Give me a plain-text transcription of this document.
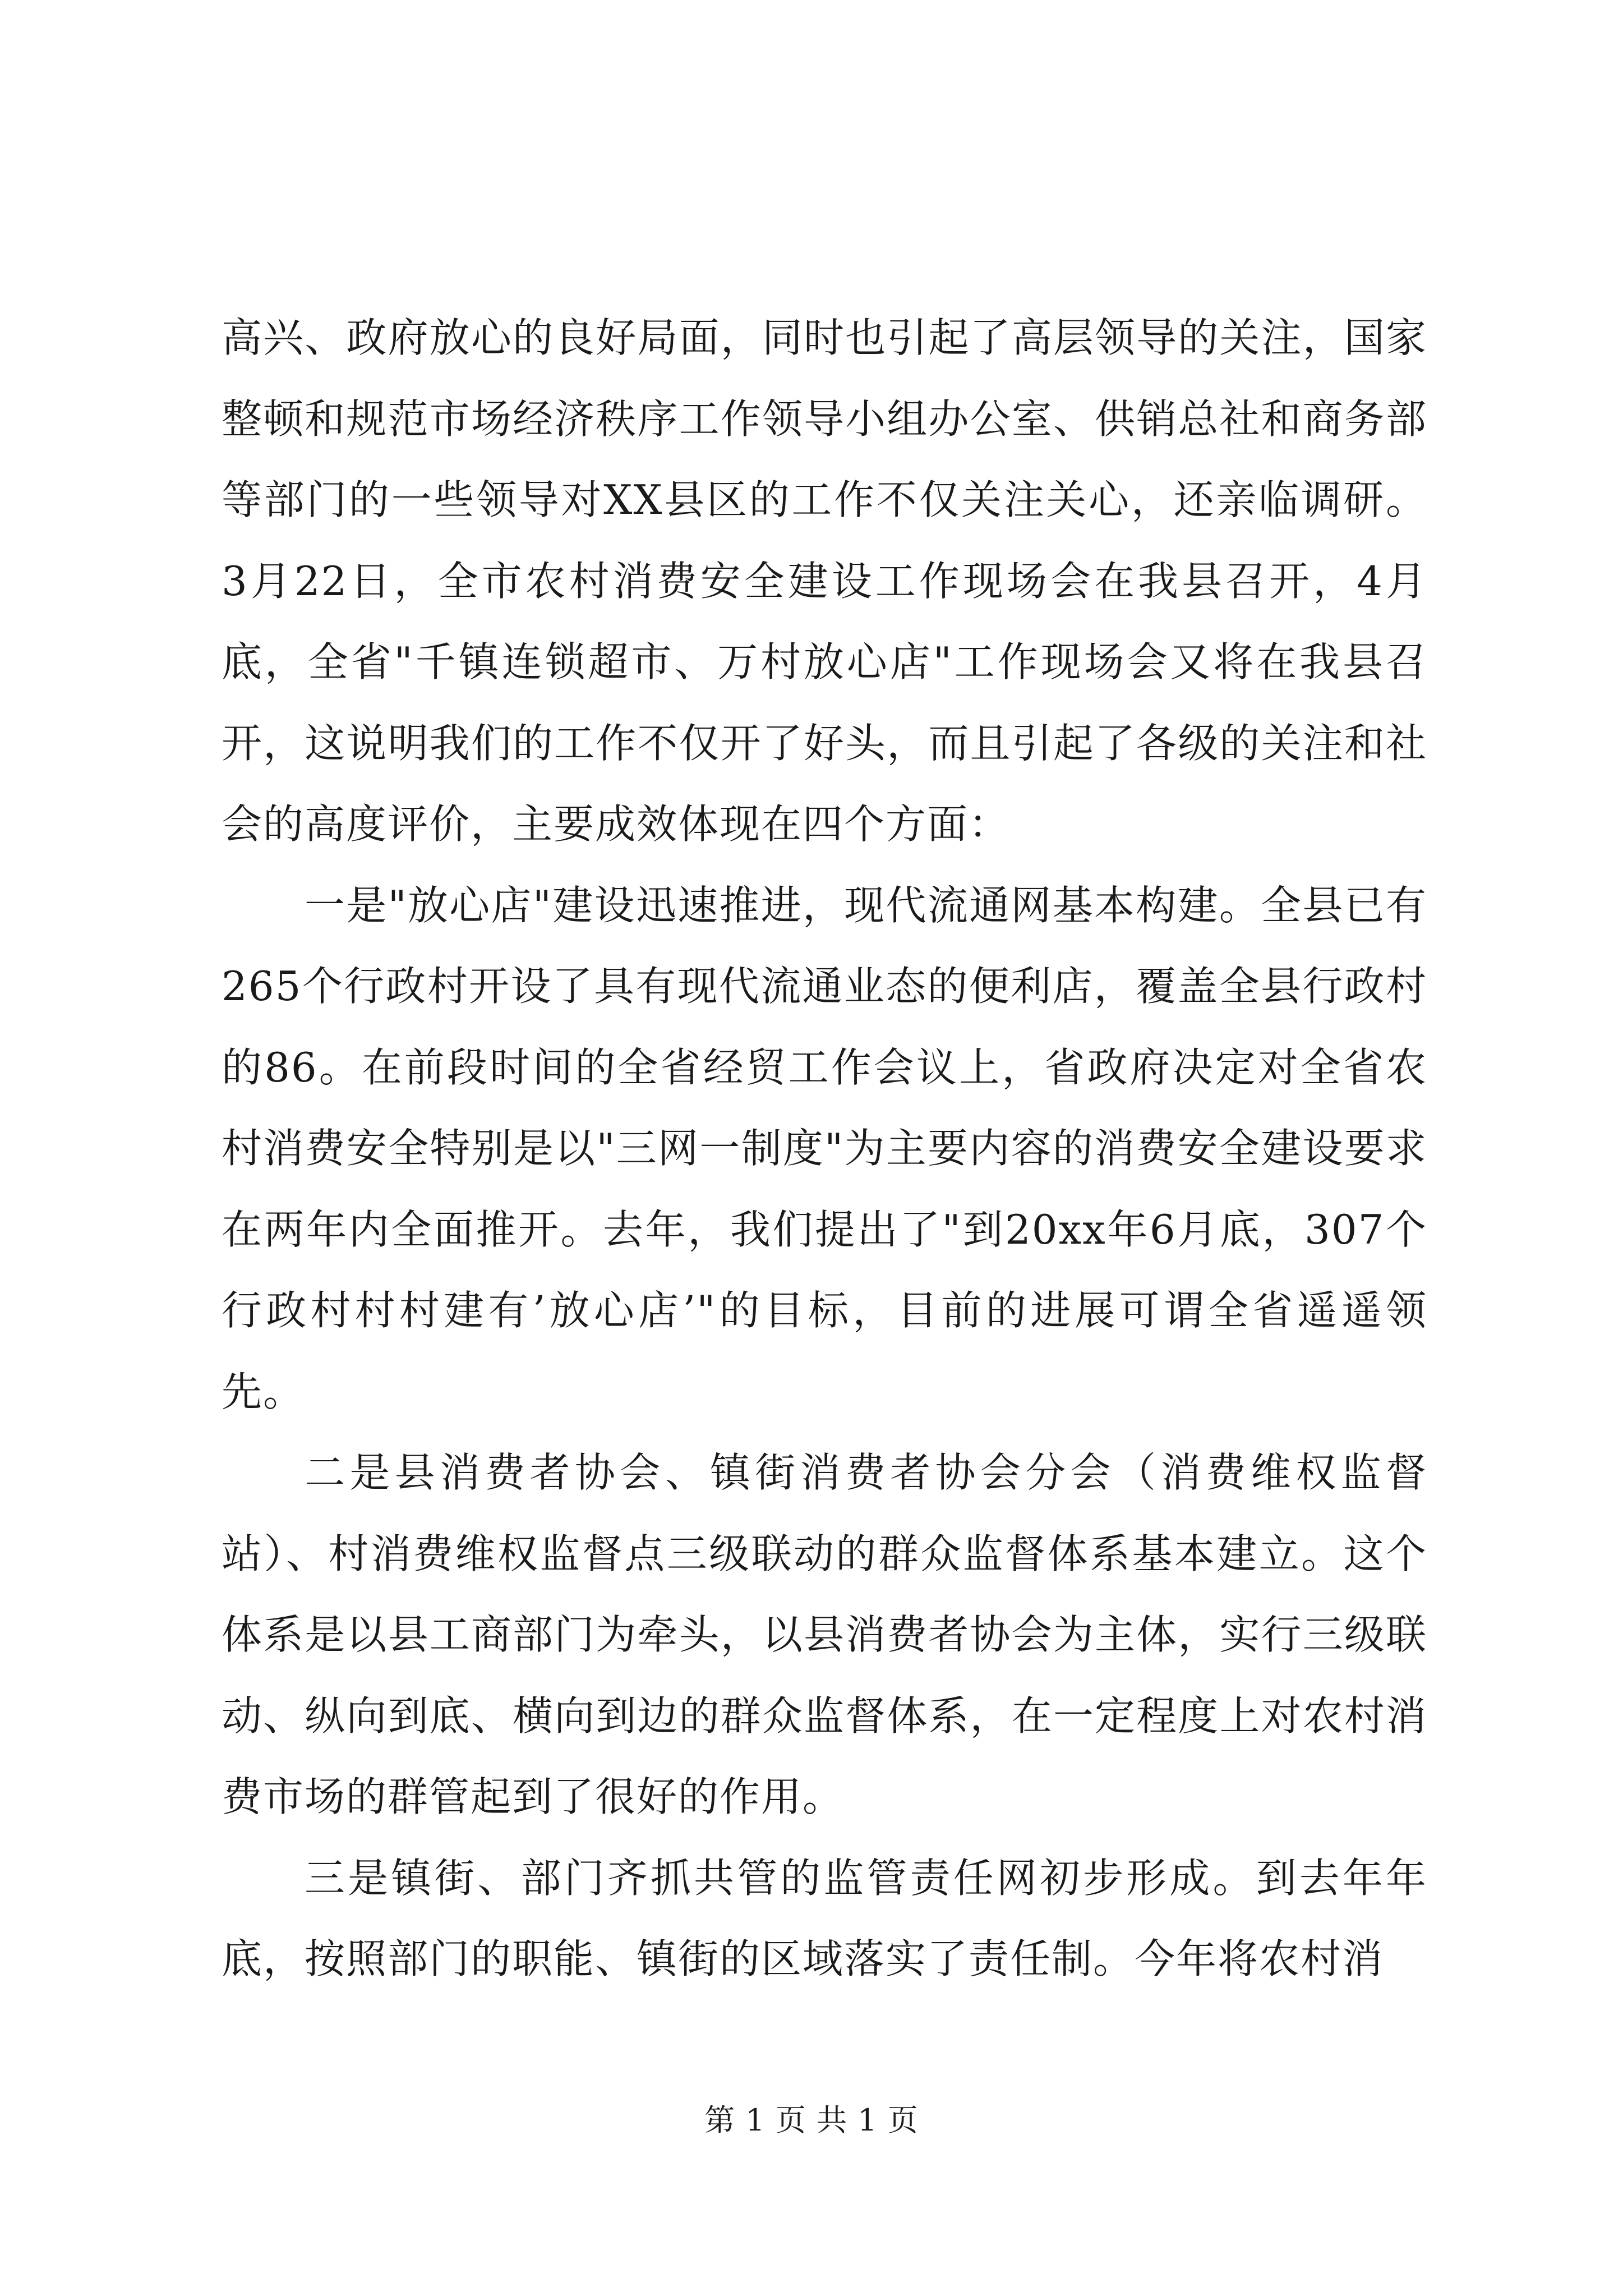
高兴、政府放心的良好局面，同时也引起了高层领导的关注，国家整顿和规范市场经济秩序工作领导小组办公室、供销总社和商务部等部门的一些领导对XX县区的工作不仅关注关心，还亲临调研。3月22日，全市农村消费安全建设工作现场会在我县召开，4月底，全省"千镇连锁超市、万村放心店"工作现场会又将在我县召开，这说明我们的工作不仅开了好头，而且引起了各级的关注和社会的高度评价，主要成效体现在四个方面：

一是"放心店"建设迅速推进，现代流通网基本构建。全县已有265个行政村开设了具有现代流通业态的便利店，覆盖全县行政村的86。在前段时间的全省经贸工作会议上，省政府决定对全省农村消费安全特别是以"三网一制度"为主要内容的消费安全建设要求在两年内全面推开。去年，我们提出了"到20xx年6月底，307个行政村村村建有’放心店’"的目标，目前的进展可谓全省遥遥领先。

二是县消费者协会、镇街消费者协会分会（消费维权监督站）、村消费维权监督点三级联动的群众监督体系基本建立。这个体系是以县工商部门为牵头，以县消费者协会为主体，实行三级联动、纵向到底、横向到边的群众监督体系，在一定程度上对农村消费市场的群管起到了很好的作用。

三是镇街、部门齐抓共管的监管责任网初步形成。到去年年底，按照部门的职能、镇街的区域落实了责任制。今年将农村消

第 1 页 共 1 页
